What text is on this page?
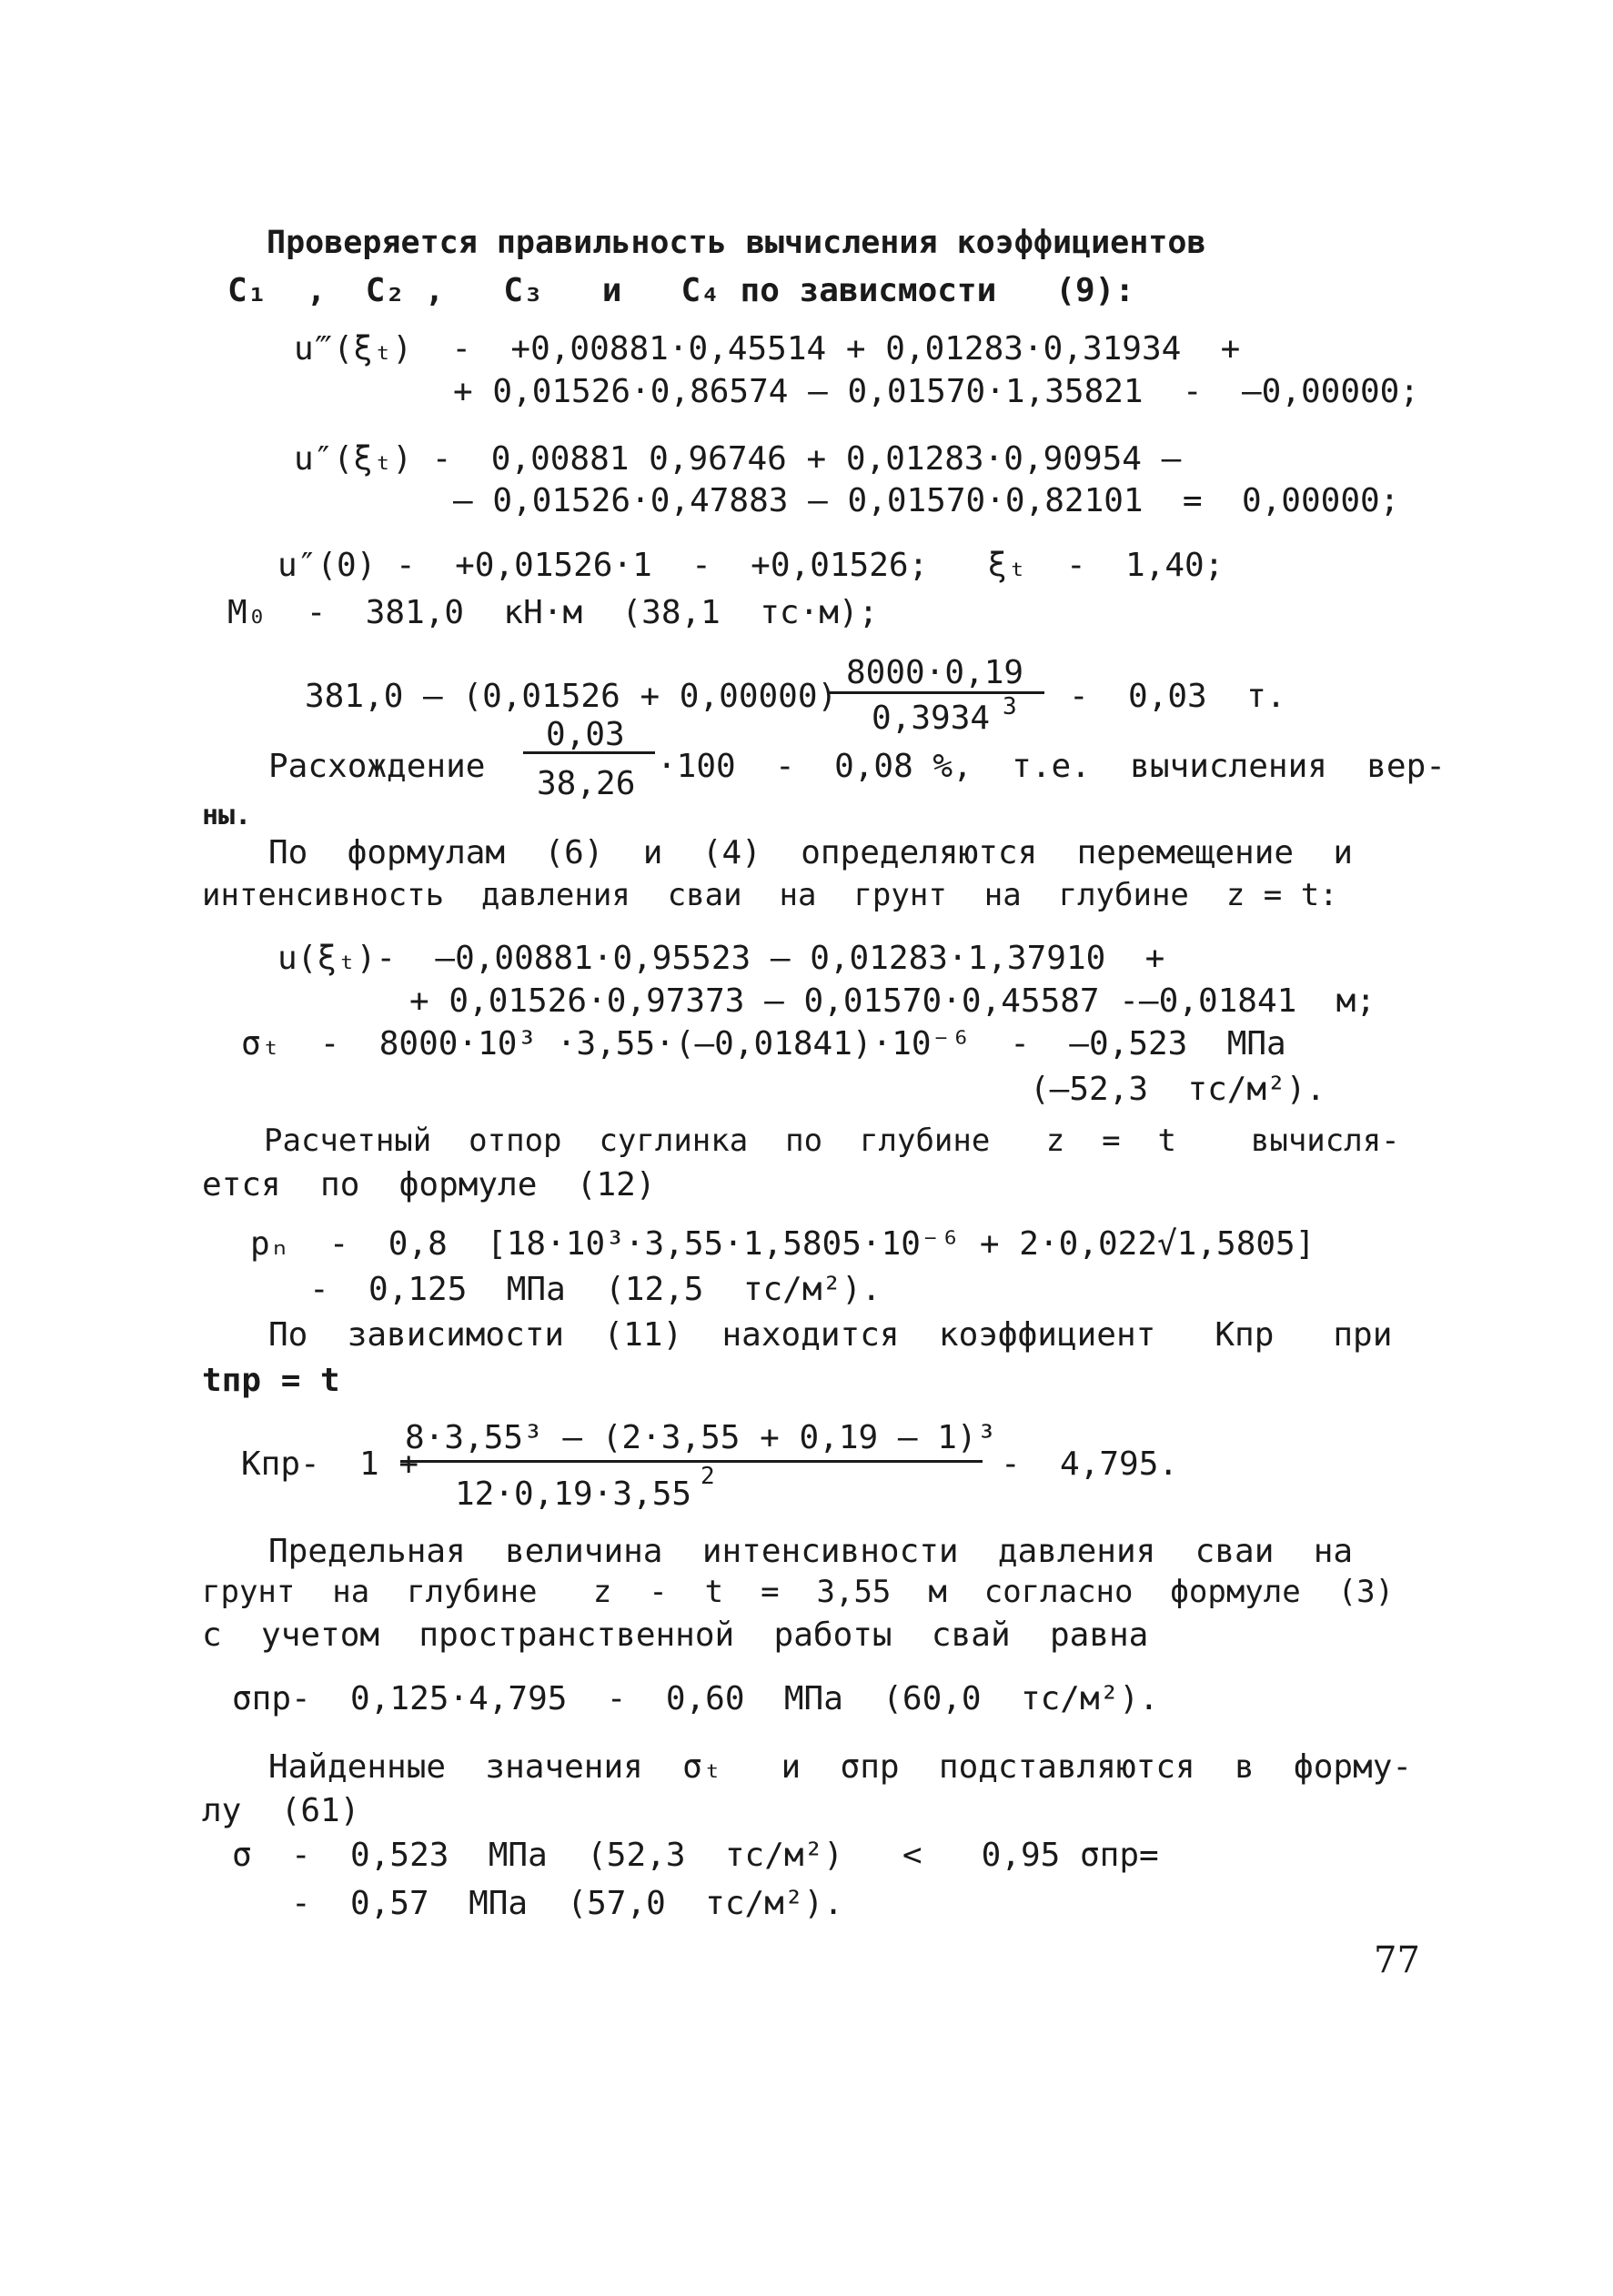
Проверяется правильность вычисления коэффициентов
C₁  ,  C₂ ,   C₃   и   C₄ по зависмости   (9):
u‴(ξₜ)  -  +0,00881·0,45514 + 0,01283·0,31934  +
+ 0,01526·0,86574 – 0,01570·1,35821  -  –0,00000;
u″(ξₜ) -  0,00881 0,96746 + 0,01283·0,90954 –
– 0,01526·0,47883 – 0,01570·0,82101  =  0,00000;
u″(0) -  +0,01526·1  -  +0,01526;   ξₜ  -  1,40;
M₀  -  381,0  кН·м  (38,1  тс·м);
381,0 – (0,01526 + 0,00000)
8000·0,19
0,3934 3 -  0,03  т.
Расхождение
0,03
38,26 ·100  -  0,08 %,  т.е.  вычисления  вер-
ны.
По  формулам  (6)  и  (4)  определяются  перемещение  и
интенсивность  давления  сваи  на  грунт  на  глубине  z = t:
u(ξₜ)-  –0,00881·0,95523 – 0,01283·1,37910  +
+ 0,01526·0,97373 – 0,01570·0,45587 -–0,01841  м;
σₜ  -  8000·10³ ·3,55·(–0,01841)·10⁻⁶  -  –0,523  МПа
(–52,3  тс/м²).
Расчетный  отпор  суглинка  по  глубине   z  =  t    вычисля-
ется  по  формуле  (12)
pₙ  -  0,8  [18·10³·3,55·1,5805·10⁻⁶ + 2·0,022√1,5805]
-  0,125  МПа  (12,5  тс/м²).
По  зависимости  (11)  находится  коэффициент   Kпр   при
tпр = t
Kпр-  1 +
8·3,55³ – (2·3,55 + 0,19 – 1)³
12·0,19·3,55 2	-  4,795.
Предельная  величина  интенсивности  давления  сваи  на
грунт  на  глубине   z  -  t  =  3,55  м  согласно  формуле  (3)
с  учетом  пространственной  работы  свай  равна
σпр-  0,125·4,795  -  0,60  МПа  (60,0  тс/м²).
Найденные  значения  σₜ   и  σпр  подставляются  в  форму-
лу  (61)
σ  -  0,523  МПа  (52,3  тс/м²)   <   0,95 σпр=
-  0,57  МПа  (57,0  тс/м²).
77
